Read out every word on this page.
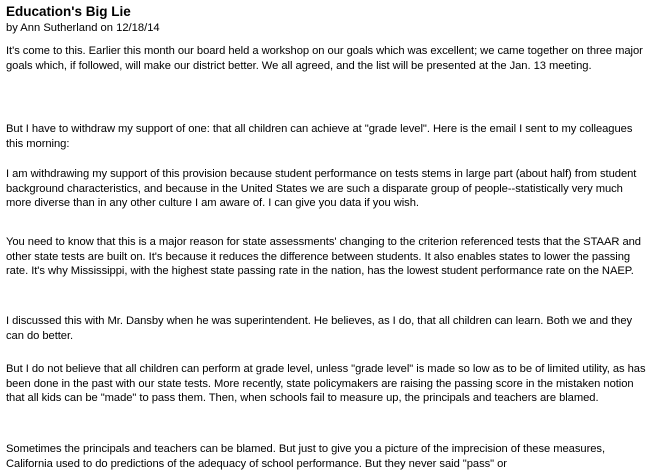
Education's Big Lie
by Ann Sutherland on 12/18/14

It's come to this. Earlier this month our board held a workshop on our goals which was excellent; we came together on three major goals which, if followed, will make our district better. We all agreed, and the list will be presented at the Jan. 13 meeting.

But I have to withdraw my support of one: that all children can achieve at "grade level". Here is the email I sent to my colleagues this morning:

I am withdrawing my support of this provision because student performance on tests stems in large part (about half) from student background characteristics, and because in the United States we are such a disparate group of people--statistically very much more diverse than in any other culture I am aware of. I can give you data if you wish.

You need to know that this is a major reason for state assessments' changing to the criterion referenced tests that the STAAR and other state tests are built on. It's because it reduces the difference between students. It also enables states to lower the passing rate. It's why Mississippi, with the highest state passing rate in the nation, has the lowest student performance rate on the NAEP.

I discussed this with Mr. Dansby when he was superintendent. He believes, as I do, that all children can learn. Both we and they can do better.

But I do not believe that all children can perform at grade level, unless "grade level" is made so low as to be of limited utility, as has been done in the past with our state tests. More recently, state policymakers are raising the passing score in the mistaken notion that all kids can be "made" to pass them. Then, when schools fail to measure up, the principals and teachers are blamed.

Sometimes the principals and teachers can be blamed. But just to give you a picture of the imprecision of these measures, California used to do predictions of the adequacy of school performance. But they never said "pass" or
